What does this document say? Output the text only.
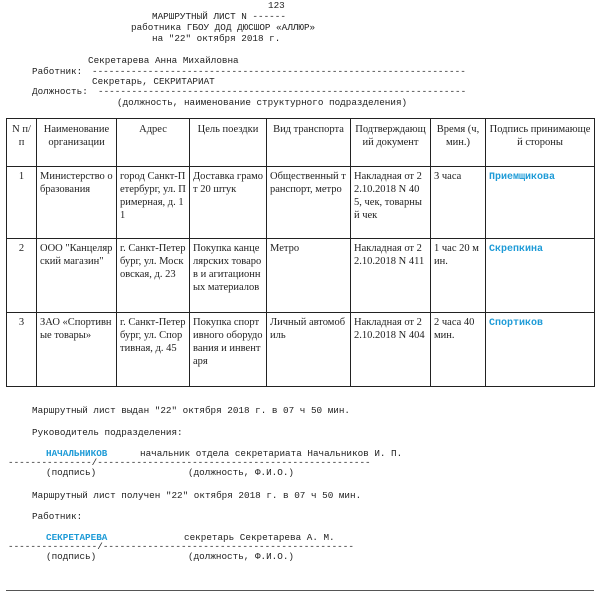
123
МАРШРУТНЫЙ ЛИСТ N ------
работника ГБОУ ДОД ДЮСШОР «АЛЛЮР»
на "22" октября 2018 г.
Секретарева Анна Михайловна
Работник: -------------------------------------------------------------------
Секретарь, СЕКРИТАРИАТ
Должность: ------------------------------------------------------------------
(должность, наименование структурного подразделения)
N п/п	Наименование организации	Адрес	Цель поездки	Вид транспорта	Подтверждающий документ	Время (ч, мин.)	Подпись принимающей стороны
1	Министерство образования	город Санкт-Петербург, ул. Примерная, д. 11	Доставка грамот 20 штук	Общественный транспорт, метро	Накладная от 22.10.2018 N 405, чек, товарный чек	3 часа	Приемщикова
2	ООО "Канцелярский магазин"	г. Санкт-Петербург, ул. Московская, д. 23	Покупка канцелярских товаров и агитационных материалов	Метро	Накладная от 22.10.2018 N 411	1 час 20 мин.	Скрепкина
3	ЗАО «Спортивные товары»	г. Санкт-Петербург, ул. Спортивная, д. 45	Покупка спортивного оборудования и инвентаря	Личный автомобиль	Накладная от 22.10.2018 N 404	2 часа 40 мин.	Спортиков
Маршрутный лист выдан "22" октября 2018 г. в 07 ч 50 мин.
Руководитель подразделения:
НАЧАЛЬНИКОВ	начальник отдела секретариата Начальников И. П.
---------------/-------------------------------------------------
(подпись)	(должность, Ф.И.О.)
Маршрутный лист получен "22" октября 2018 г. в 07 ч 50 мин.
Работник:
СЕКРЕТАРЕВА	секретарь Секретарева А. М.
----------------/---------------------------------------------
(подпись)	(должность, Ф.И.О.)
